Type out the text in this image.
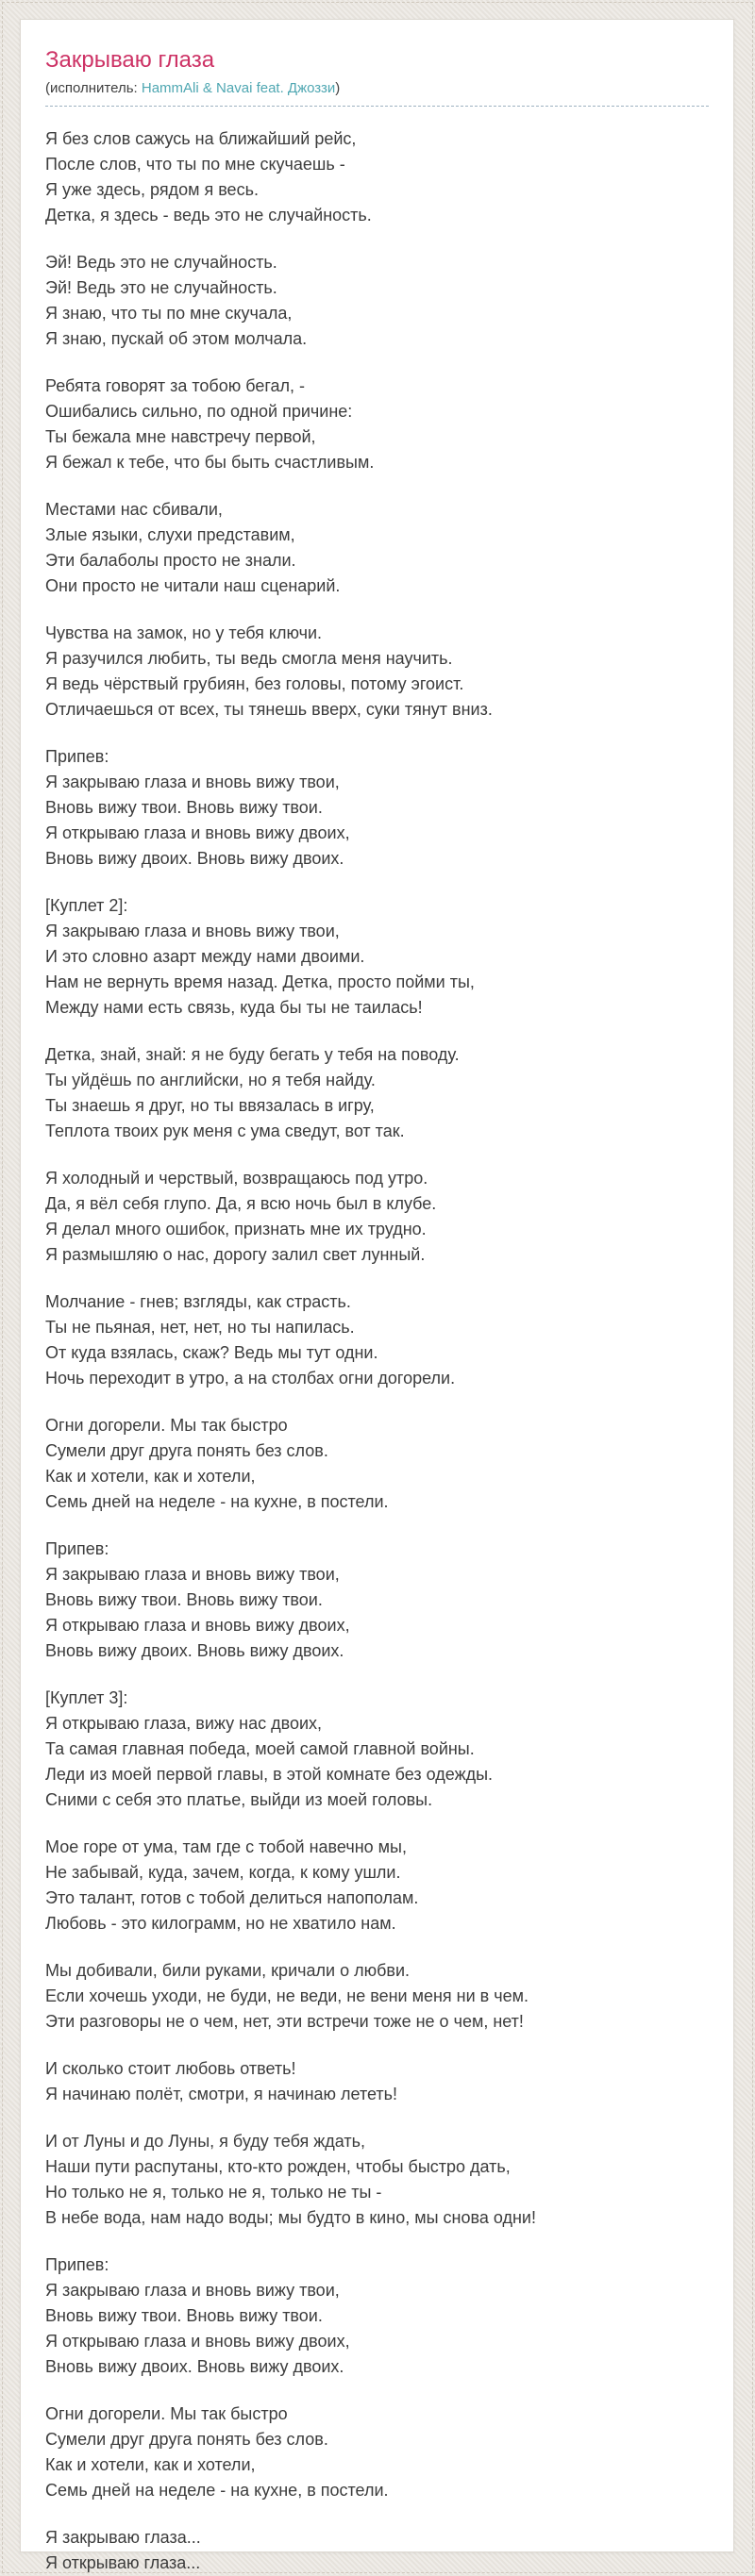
Закрываю глаза
(исполнитель: HammAli & Navai feat. Джоззи)

Я без слов сажусь на ближайший рейс,
После слов, что ты по мне скучаешь -
Я уже здесь, рядом я весь.
Детка, я здесь - ведь это не случайность.

Эй! Ведь это не случайность.
Эй! Ведь это не случайность.
Я знаю, что ты по мне скучала,
Я знаю, пускай об этом молчала.

Ребята говорят за тобою бегал, -
Ошибались сильно, по одной причине:
Ты бежала мне навстречу первой,
Я бежал к тебе, что бы быть счастливым.

Местами нас сбивали,
Злые языки, слухи представим,
Эти балаболы просто не знали.
Они просто не читали наш сценарий.

Чувства на замок, но у тебя ключи.
Я разучился любить, ты ведь смогла меня научить.
Я ведь чёрствый грубиян, без головы, потому эгоист.
Отличаешься от всех, ты тянешь вверх, суки тянут вниз.

Припев:
Я закрываю глаза и вновь вижу твои,
Вновь вижу твои. Вновь вижу твои.
Я открываю глаза и вновь вижу двоих,
Вновь вижу двоих. Вновь вижу двоих.

[Куплет 2]:
Я закрываю глаза и вновь вижу твои,
И это словно азарт между нами двоими.
Нам не вернуть время назад. Детка, просто пойми ты,
Между нами есть связь, куда бы ты не таилась!

Детка, знай, знай: я не буду бегать у тебя на поводу.
Ты уйдёшь по английски, но я тебя найду.
Ты знаешь я друг, но ты ввязалась в игру,
Теплота твоих рук меня с ума сведут, вот так.

Я холодный и черствый, возвращаюсь под утро.
Да, я вёл себя глупо. Да, я всю ночь был в клубе.
Я делал много ошибок, признать мне их трудно.
Я размышляю о нас, дорогу залил свет лунный.

Молчание - гнев; взгляды, как страсть.
Ты не пьяная, нет, нет, но ты напилась.
От куда взялась, скаж? Ведь мы тут одни.
Ночь переходит в утро, а на столбах огни догорели.

Огни догорели. Мы так быстро
Сумели друг друга понять без слов.
Как и хотели, как и хотели,
Семь дней на неделе - на кухне, в постели.

Припев:
Я закрываю глаза и вновь вижу твои,
Вновь вижу твои. Вновь вижу твои.
Я открываю глаза и вновь вижу двоих,
Вновь вижу двоих. Вновь вижу двоих.

[Куплет 3]:
Я открываю глаза, вижу нас двоих,
Та самая главная победа, моей самой главной войны.
Леди из моей первой главы, в этой комнате без одежды.
Сними с себя это платье, выйди из моей головы.

Мое горе от ума, там где с тобой навечно мы,
Не забывай, куда, зачем, когда, к кому ушли.
Это талант, готов с тобой делиться напополам.
Любовь - это килограмм, но не хватило нам.

Мы добивали, били руками, кричали о любви.
Если хочешь уходи, не буди, не веди, не вени меня ни в чем.
Эти разговоры не о чем, нет, эти встречи тоже не о чем, нет!

И сколько стоит любовь ответь!
Я начинаю полёт, смотри, я начинаю лететь!

И от Луны и до Луны, я буду тебя ждать,
Наши пути распутаны, кто-кто рожден, чтобы быстро дать,
Но только не я, только не я, только не ты -
В небе вода, нам надо воды; мы будто в кино, мы снова одни!

Припев:
Я закрываю глаза и вновь вижу твои,
Вновь вижу твои. Вновь вижу твои.
Я открываю глаза и вновь вижу двоих,
Вновь вижу двоих. Вновь вижу двоих.

Огни догорели. Мы так быстро
Сумели друг друга понять без слов.
Как и хотели, как и хотели,
Семь дней на неделе - на кухне, в постели.

Я закрываю глаза...
Я открываю глаза...
